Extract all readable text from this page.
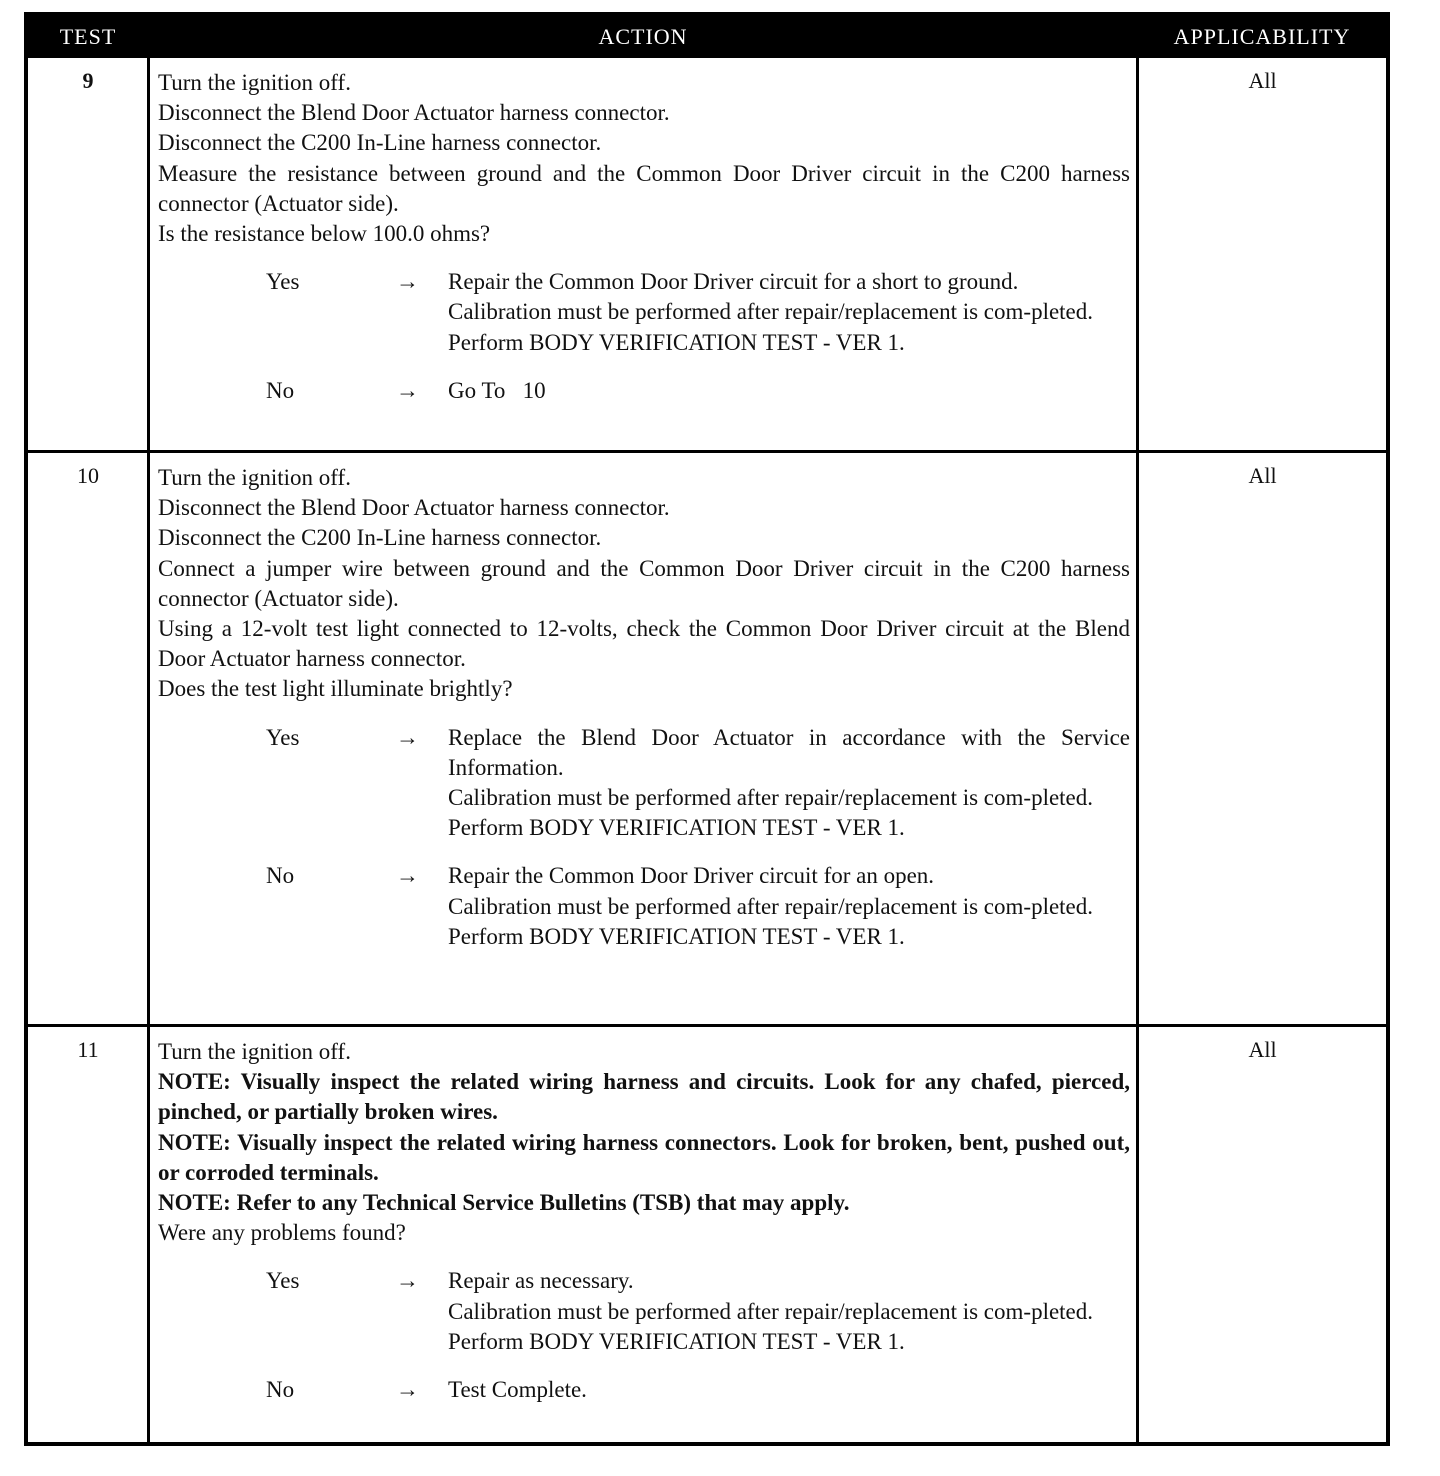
TEST	ACTION	APPLICABILITY
9	Turn the ignition off.

Disconnect the Blend Door Actuator harness connector.

Disconnect the C200 In-Line harness connector.

Measure the resistance between ground and the Common Door Driver circuit in the C200 harness connector (Actuator side).

Is the resistance below 100.0 ohms?

Yes	→	Repair the Common Door Driver circuit for a short to ground.

Calibration must be performed after repair/replacement is com-pleted.

Perform BODY VERIFICATION TEST - VER 1.

No	→	Go To   10

All
10	Turn the ignition off.

Disconnect the Blend Door Actuator harness connector.

Disconnect the C200 In-Line harness connector.

Connect a jumper wire between ground and the Common Door Driver circuit in the C200 harness connector (Actuator side).

Using a 12-volt test light connected to 12-volts, check the Common Door Driver circuit at the Blend Door Actuator harness connector.

Does the test light illuminate brightly?

Yes	→	Replace the Blend Door Actuator in accordance with the Service Information.

Calibration must be performed after repair/replacement is com-pleted.

Perform BODY VERIFICATION TEST - VER 1.

No	→	Repair the Common Door Driver circuit for an open.

Calibration must be performed after repair/replacement is com-pleted.

Perform BODY VERIFICATION TEST - VER 1.

All
11	Turn the ignition off.

NOTE: Visually inspect the related wiring harness and circuits. Look for any chafed, pierced, pinched, or partially broken wires.

NOTE: Visually inspect the related wiring harness connectors. Look for broken, bent, pushed out, or corroded terminals.

NOTE: Refer to any Technical Service Bulletins (TSB) that may apply.

Were any problems found?

Yes	→	Repair as necessary.

Calibration must be performed after repair/replacement is com-pleted.

Perform BODY VERIFICATION TEST - VER 1.

No	→	Test Complete.

All
